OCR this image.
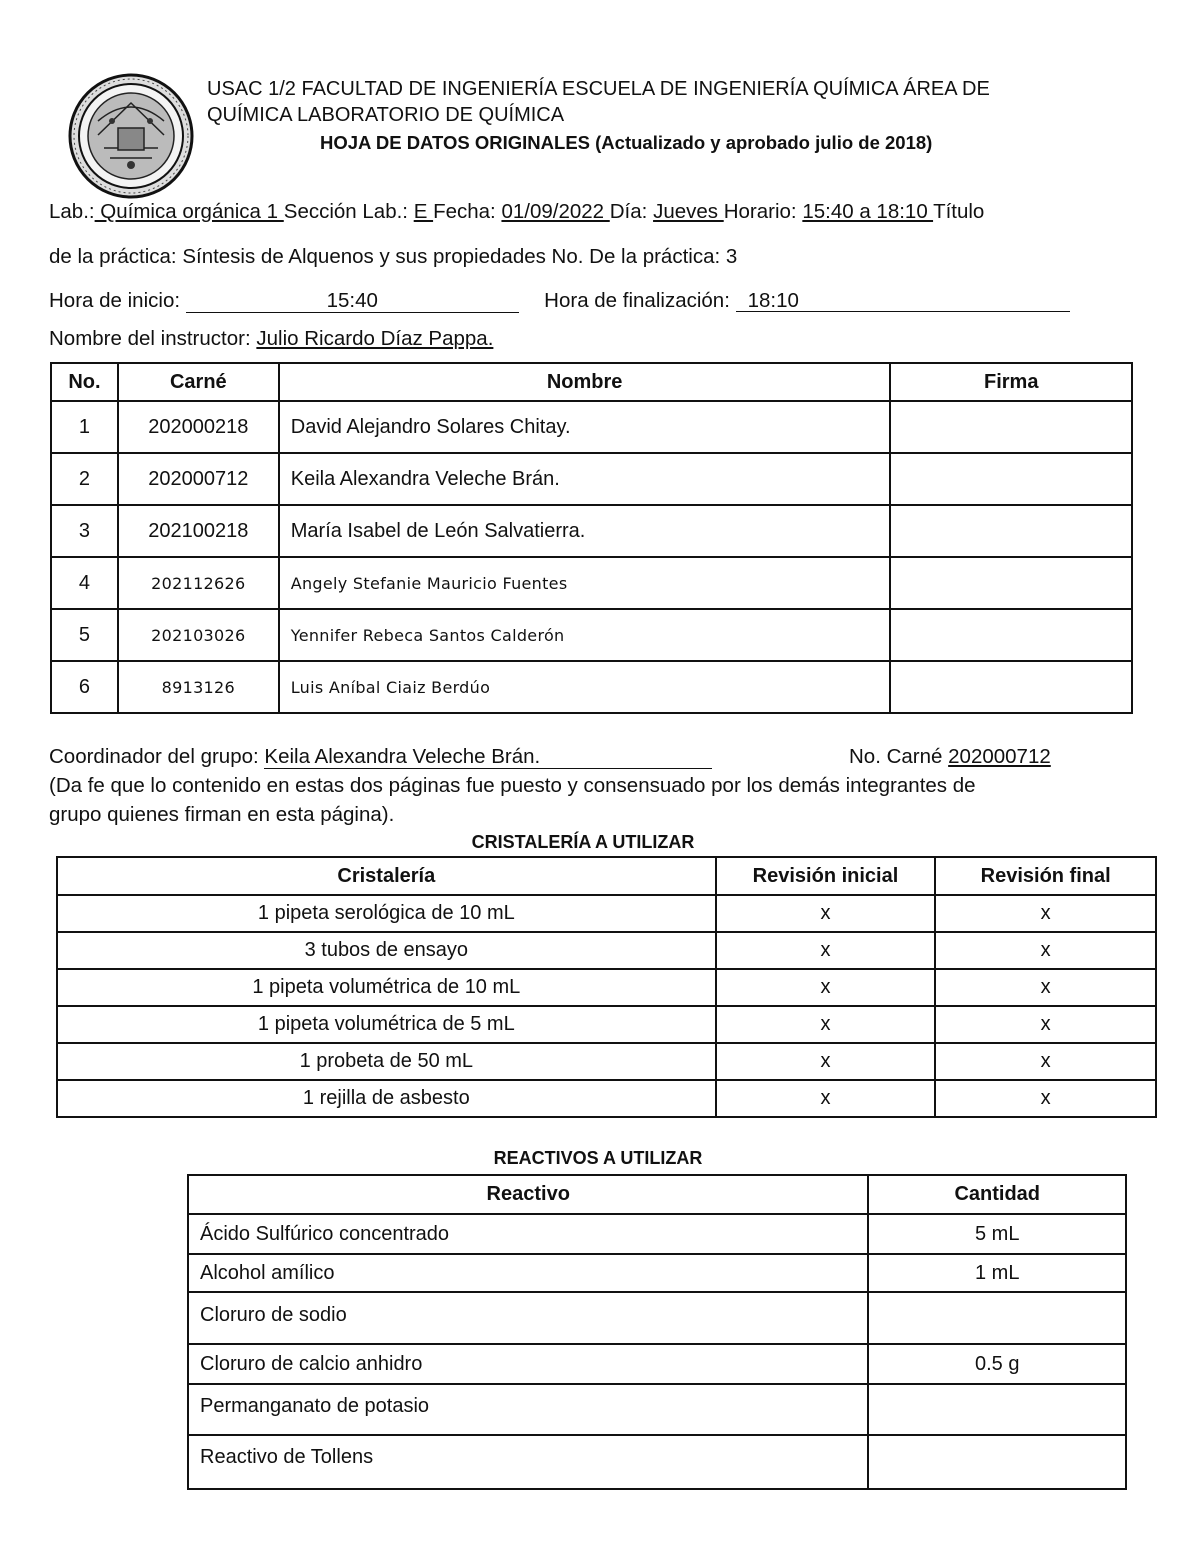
USAC 1/2 FACULTAD DE INGENIERÍA ESCUELA DE INGENIERÍA QUÍMICA ÁREA DE
QUÍMICA LABORATORIO DE QUÍMICA
HOJA DE DATOS ORIGINALES (Actualizado y aprobado julio de 2018)
Lab.: Química orgánica 1 Sección Lab.: E Fecha: 01/09/2022 Día: Jueves Horario: 15:40 a 18:10 Título
de la práctica: Síntesis de Alquenos y sus propiedades No. De la práctica: 3
Hora de inicio:	15:40	Hora de finalización: 18:10
Nombre del instructor: Julio Ricardo Díaz Pappa.
No.	Carné	Nombre	Firma
1	202000218	David Alejandro Solares Chitay.	
2	202000712	Keila Alexandra Veleche Brán.	
3	202100218	María Isabel de León Salvatierra.	
4	202112626	Angely Stefanie Mauricio Fuentes	
5	202103026	Yennifer Rebeca Santos Calderón	
6	8913126	Luis Aníbal Ciaiz Berdúo	
Coordinador del grupo: Keila Alexandra Veleche Brán.	No. Carné 202000712
(Da fe que lo contenido en estas dos páginas fue puesto y consensuado por los demás integrantes de
grupo quienes firman en esta página).
CRISTALERÍA A UTILIZAR
Cristalería	Revisión inicial	Revisión final
1 pipeta serológica de 10 mL	x	x
3 tubos de ensayo	x	x
1 pipeta volumétrica de 10 mL	x	x
1 pipeta volumétrica de 5 mL	x	x
1 probeta de 50 mL	x	x
1 rejilla de asbesto	x	x
REACTIVOS A UTILIZAR
Reactivo	Cantidad
Ácido Sulfúrico concentrado	5 mL
Alcohol amílico	1 mL
Cloruro de sodio	
Cloruro de calcio anhidro	0.5 g
Permanganato de potasio	
Reactivo de Tollens	
